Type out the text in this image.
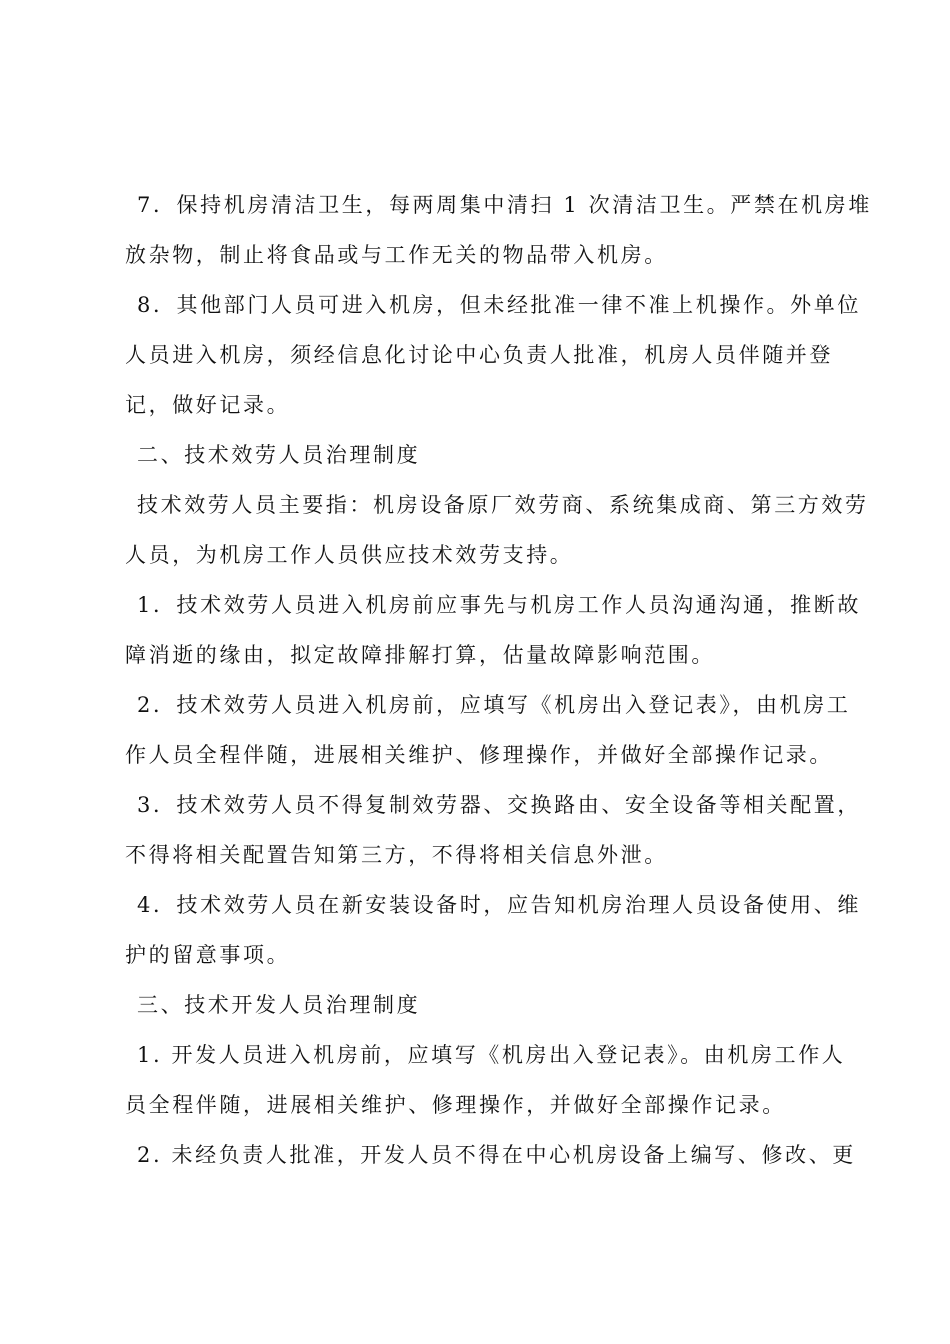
7．保持机房清洁卫生，每两周集中清扫 1 次清洁卫生。严禁在机房堆
放杂物，制止将食品或与工作无关的物品带入机房。
8．其他部门人员可进入机房，但未经批准一律不准上机操作。外单位
人员进入机房，须经信息化讨论中心负责人批准，机房人员伴随并登
记，做好记录。
二、技术效劳人员治理制度
技术效劳人员主要指：机房设备原厂效劳商、系统集成商、第三方效劳
人员，为机房工作人员供应技术效劳支持。
1．技术效劳人员进入机房前应事先与机房工作人员沟通沟通，推断故
障消逝的缘由，拟定故障排解打算，估量故障影响范围。
2．技术效劳人员进入机房前，应填写《机房出入登记表》，由机房工
作人员全程伴随，进展相关维护、修理操作，并做好全部操作记录。
3．技术效劳人员不得复制效劳器、交换路由、安全设备等相关配置，
不得将相关配置告知第三方，不得将相关信息外泄。
4．技术效劳人员在新安装设备时，应告知机房治理人员设备使用、维
护的留意事项。
三、技术开发人员治理制度
1. 开发人员进入机房前，应填写《机房出入登记表》。由机房工作人
员全程伴随，进展相关维护、修理操作，并做好全部操作记录。
2. 未经负责人批准，开发人员不得在中心机房设备上编写、修改、更
